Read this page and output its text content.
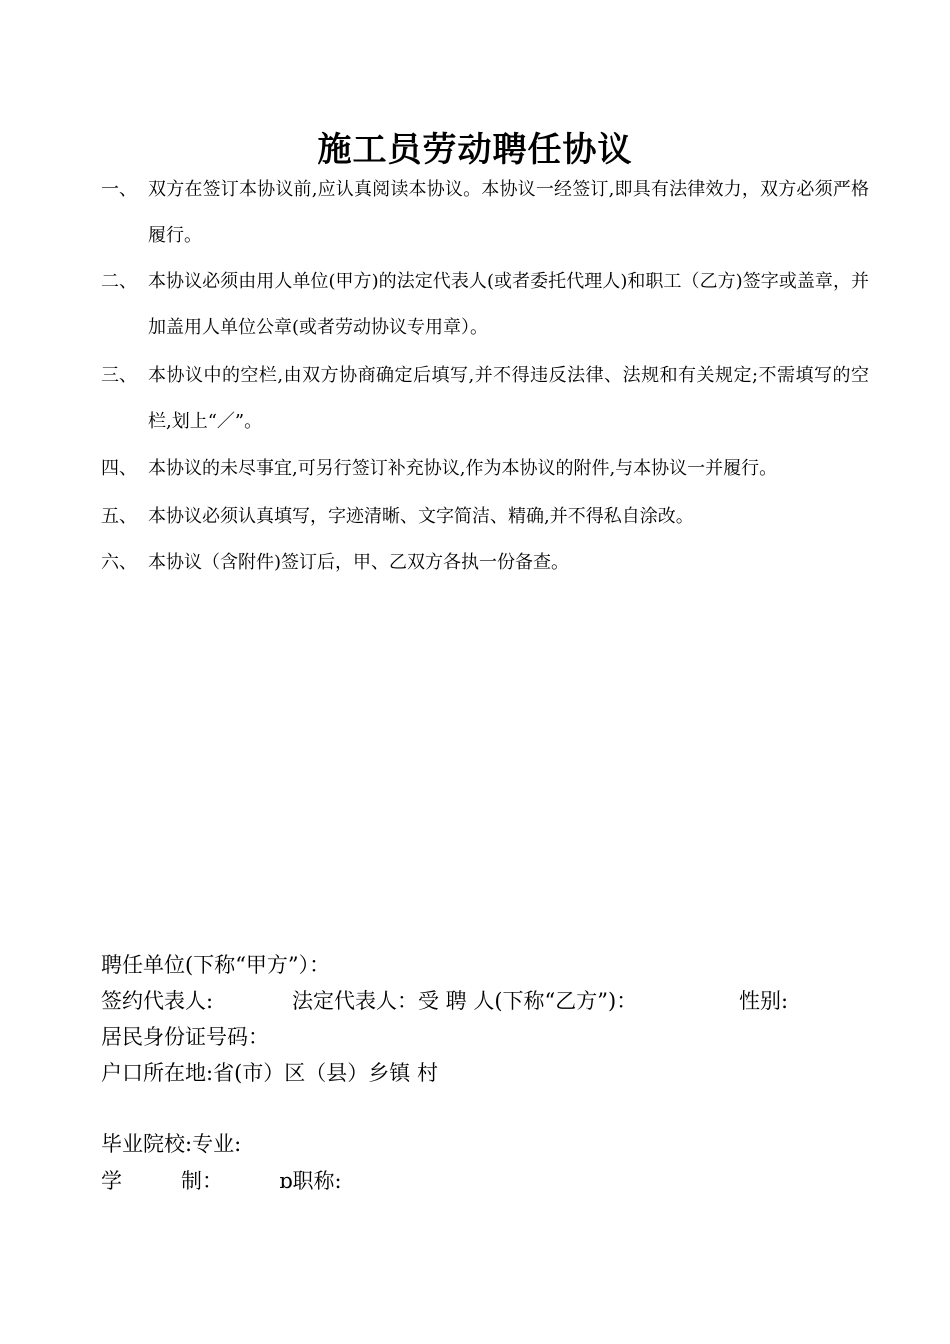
施工员劳动聘任协议
一、 双方在签订本协议前,应认真阅读本协议。本协议一经签订,即具有法律效力，双方必须严格履行。
二、 本协议必须由用人单位(甲方)的法定代表人(或者委托代理人)和职工（乙方)签字或盖章，并加盖用人单位公章(或者劳动协议专用章）。
三、 本协议中的空栏,由双方协商确定后填写,并不得违反法律、法规和有关规定;不需填写的空栏,划上“／”。
四、 本协议的未尽事宜,可另行签订补充协议,作为本协议的附件,与本协议一并履行。
五、 本协议必须认真填写，字迹清晰、文字简洁、精确,并不得私自涂改。
六、 本协议（含附件)签订后，甲、乙双方各执一份备查。
聘任单位(下称“甲方”）：
签约代表人:	法定代表人：受 聘 人(下称“乙方”)：	性别:
居民身份证号码：
户口所在地:省(市）区（县）乡镇 村
毕业院校:专业:
学	制：	ɒ职称:
